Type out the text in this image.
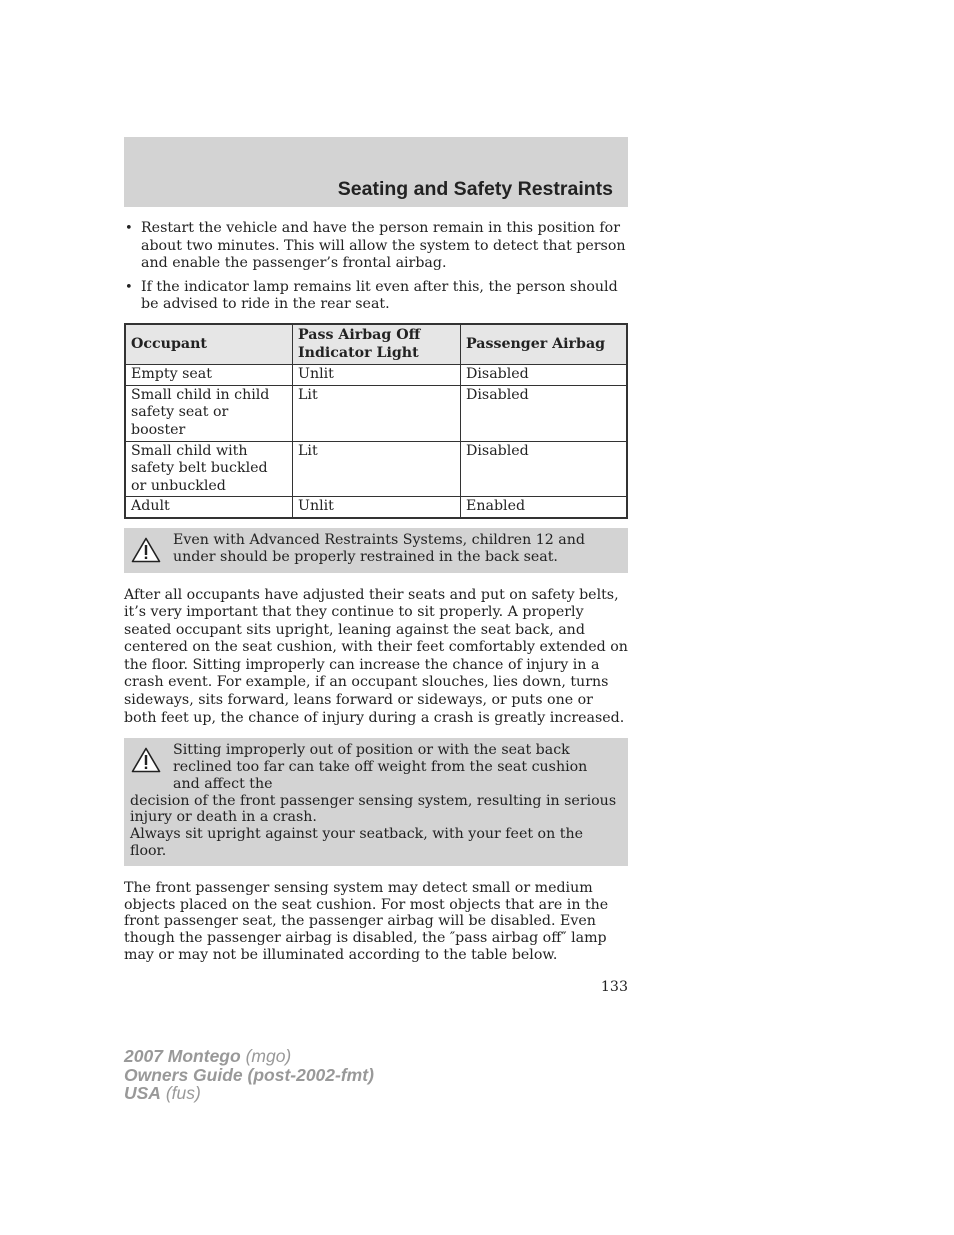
Seating and Safety Restraints
• Restart the vehicle and have the person remain in this position for about two minutes. This will allow the system to detect that person and enable the passenger’s frontal airbag.
• If the indicator lamp remains lit even after this, the person should be advised to ride in the rear seat.
Occupant	Pass Airbag Off Indicator Light	Passenger Airbag
Empty seat	Unlit	Disabled
Small child in child safety seat or booster	Lit	Disabled
Small child with safety belt buckled or unbuckled	Lit	Disabled
Adult	Unlit	Enabled
Even with Advanced Restraints Systems, children 12 and under should be properly restrained in the back seat.

After all occupants have adjusted their seats and put on safety belts, it’s very important that they continue to sit properly. A properly seated occupant sits upright, leaning against the seat back, and centered on the seat cushion, with their feet comfortably extended on the floor. Sitting improperly can increase the chance of injury in a crash event. For example, if an occupant slouches, lies down, turns sideways, sits forward, leans forward or sideways, or puts one or both feet up, the chance of injury during a crash is greatly increased.

Sitting improperly out of position or with the seat back reclined too far can take off weight from the seat cushion and affect the
decision of the front passenger sensing system, resulting in serious injury or death in a crash.
Always sit upright against your seatback, with your feet on the floor.

The front passenger sensing system may detect small or medium objects placed on the seat cushion. For most objects that are in the front passenger seat, the passenger airbag will be disabled. Even though the passenger airbag is disabled, the ″pass airbag off″ lamp may or may not be illuminated according to the table below.

133
2007 Montego (mgo)
Owners Guide (post-2002-fmt)
USA (fus)
